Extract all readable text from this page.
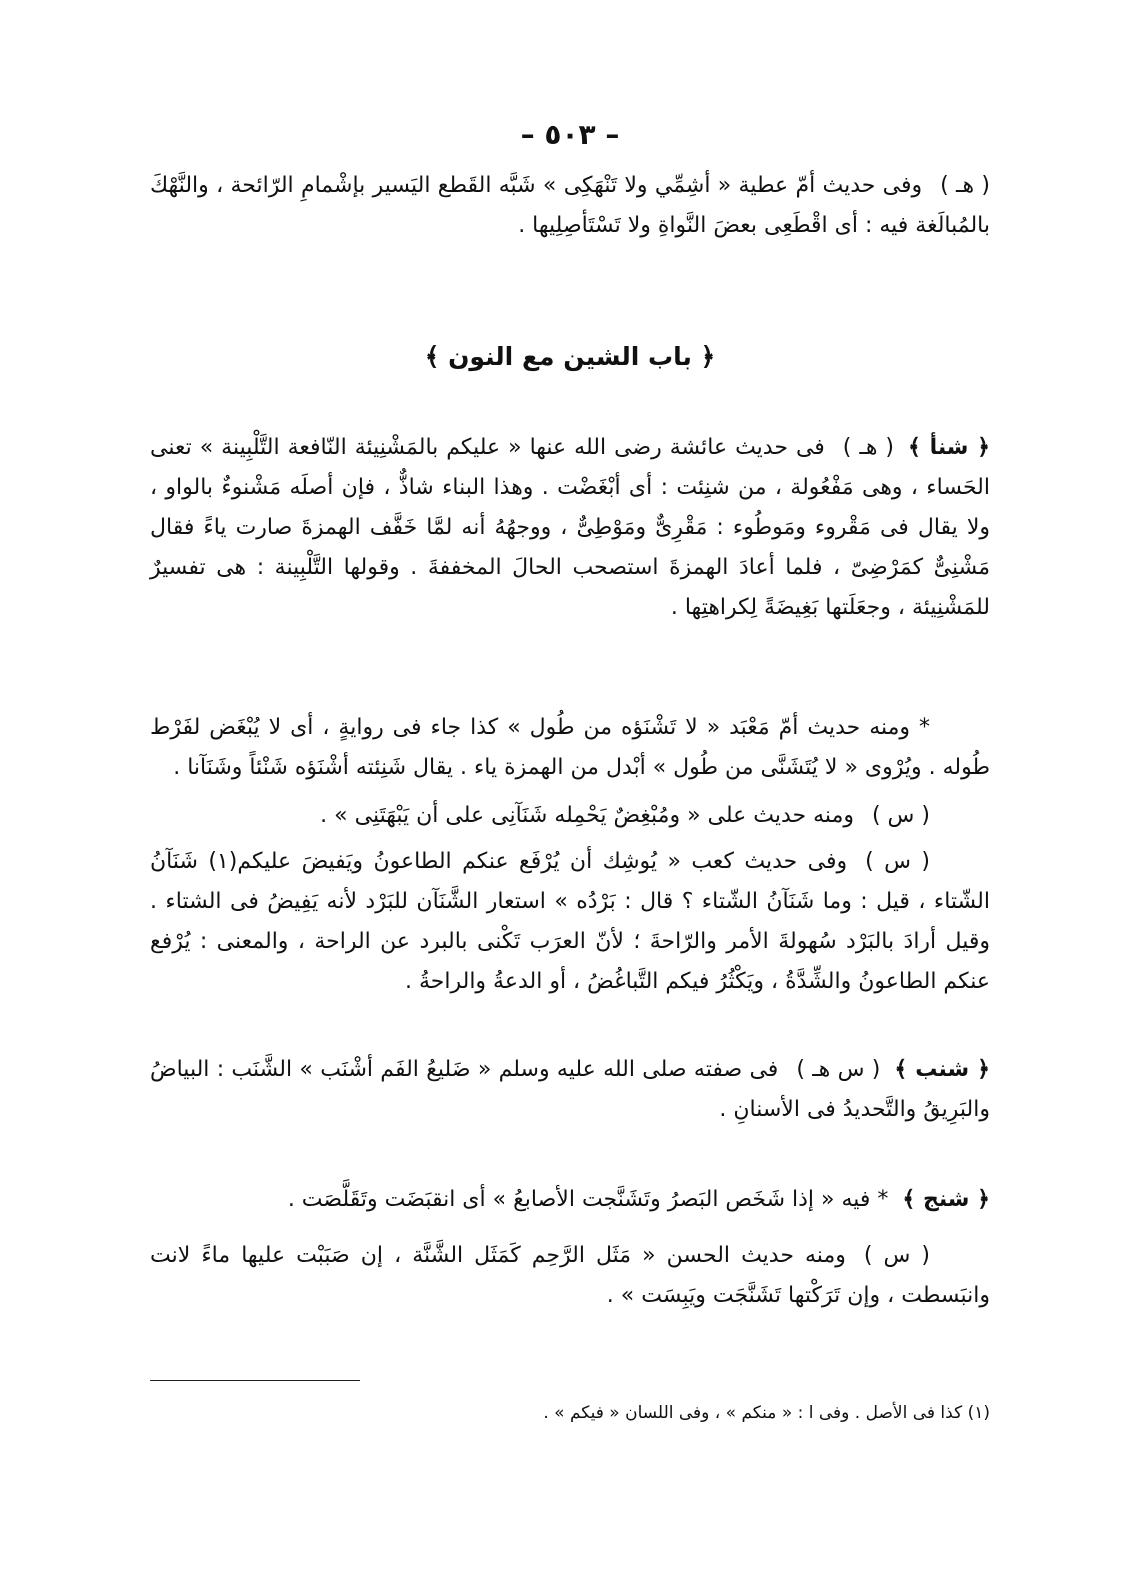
– ٥٠٣ –

( هـ )وفى حديث أمّ عطية « أشِمِّي ولا تَنْهَكِى » شَبَّه القَطع اليَسير بإشْمامِ الرّائحة ، والنَّهْكَ بالمُبالَغة فيه : أى اقْطَعِى بعضَ النَّواةِ ولا تَسْتَأصِلِيها .

﴿ باب الشين مع النون ﴾

﴿ شنأ ﴾( هـ )فى حديث عائشة رضى الله عنها « عليكم بالمَشْنِيئة النّافعة التَّلْبِينة » تعنى الحَساء ، وهى مَفْعُولة ، من شنِئت : أى أبْغَضْت . وهذا البناء شاذٌّ ، فإن أصلَه مَشْنوءٌ بالواو ، ولا يقال فى مَقْروء ومَوطُوء : مَقْرِىٌّ ومَوْطِىٌّ ، ووجهُهُ أنه لمَّا خَفَّف الهمزةَ صارت ياءً فقال مَشْنِىٌّ كمَرْضِىّ ، فلما أعادَ الهمزةَ استصحب الحالَ المخففةَ . وقولها التَّلْبِينة : هى تفسيرٌ للمَشْنِيئة ، وجعَلَتها بَغِيضَةً لِكراهتِها .

* ومنه حديث أمّ مَعْبَد « لا تَشْنَؤه من طُول » كذا جاء فى روايةٍ ، أى لا يُبْغَض لفَرْط طُوله . ويُرْوى « لا يُتَشَنَّى من طُول » أبْدل من الهمزة ياء . يقال شَنِئته أشْنَؤه شَنْئاً وشَنَآنا .

( س )ومنه حديث على « ومُبْغِضٌ يَحْمِله شَنَآنِى على أن يَبْهَتَنِى » .

( س )وفى حديث كعب « يُوشِك أن يُرْفَع عنكم الطاعونُ ويَفيضَ عليكم(١) شَنَآنُ الشّتاء ، قيل : وما شَنَآنُ الشّتاء ؟ قال : بَرْدُه » استعار الشَّنَآن للبَرْد لأنه يَفِيضُ فى الشتاء . وقيل أرادَ بالبَرْد سُهولةَ الأمر والرّاحةَ ؛ لأنّ العرَب تَكْنى بالبرد عن الراحة ، والمعنى : يُرْفع عنكم الطاعونُ والشِّدَّةُ ، ويَكْثُرُ فيكم التَّباغُضُ ، أو الدعةُ والراحةُ .

﴿ شنب ﴾( س هـ )فى صفته صلى الله عليه وسلم « ضَليعُ الفَم أشْنَب » الشَّنَب : البياضُ والبَرِيقُ والتَّحديدُ فى الأسنانِ .

﴿ شنج ﴾* فيه « إذا شَخَص البَصرُ وتَشَنَّجت الأصابعُ » أى انقبَضَت وتَقَلَّصَت .

( س )ومنه حديث الحسن « مَثَل الرَّحِم كَمَثَل الشَّنَّة ، إن صَبَبْت عليها ماءً لانت وانبَسطت ، وإن تَرَكْتها تَشَنَّجَت ويَبِسَت » .

(١) كذا فى الأصل . وفى ا : « منكم » ، وفى اللسان « فيكم » .
